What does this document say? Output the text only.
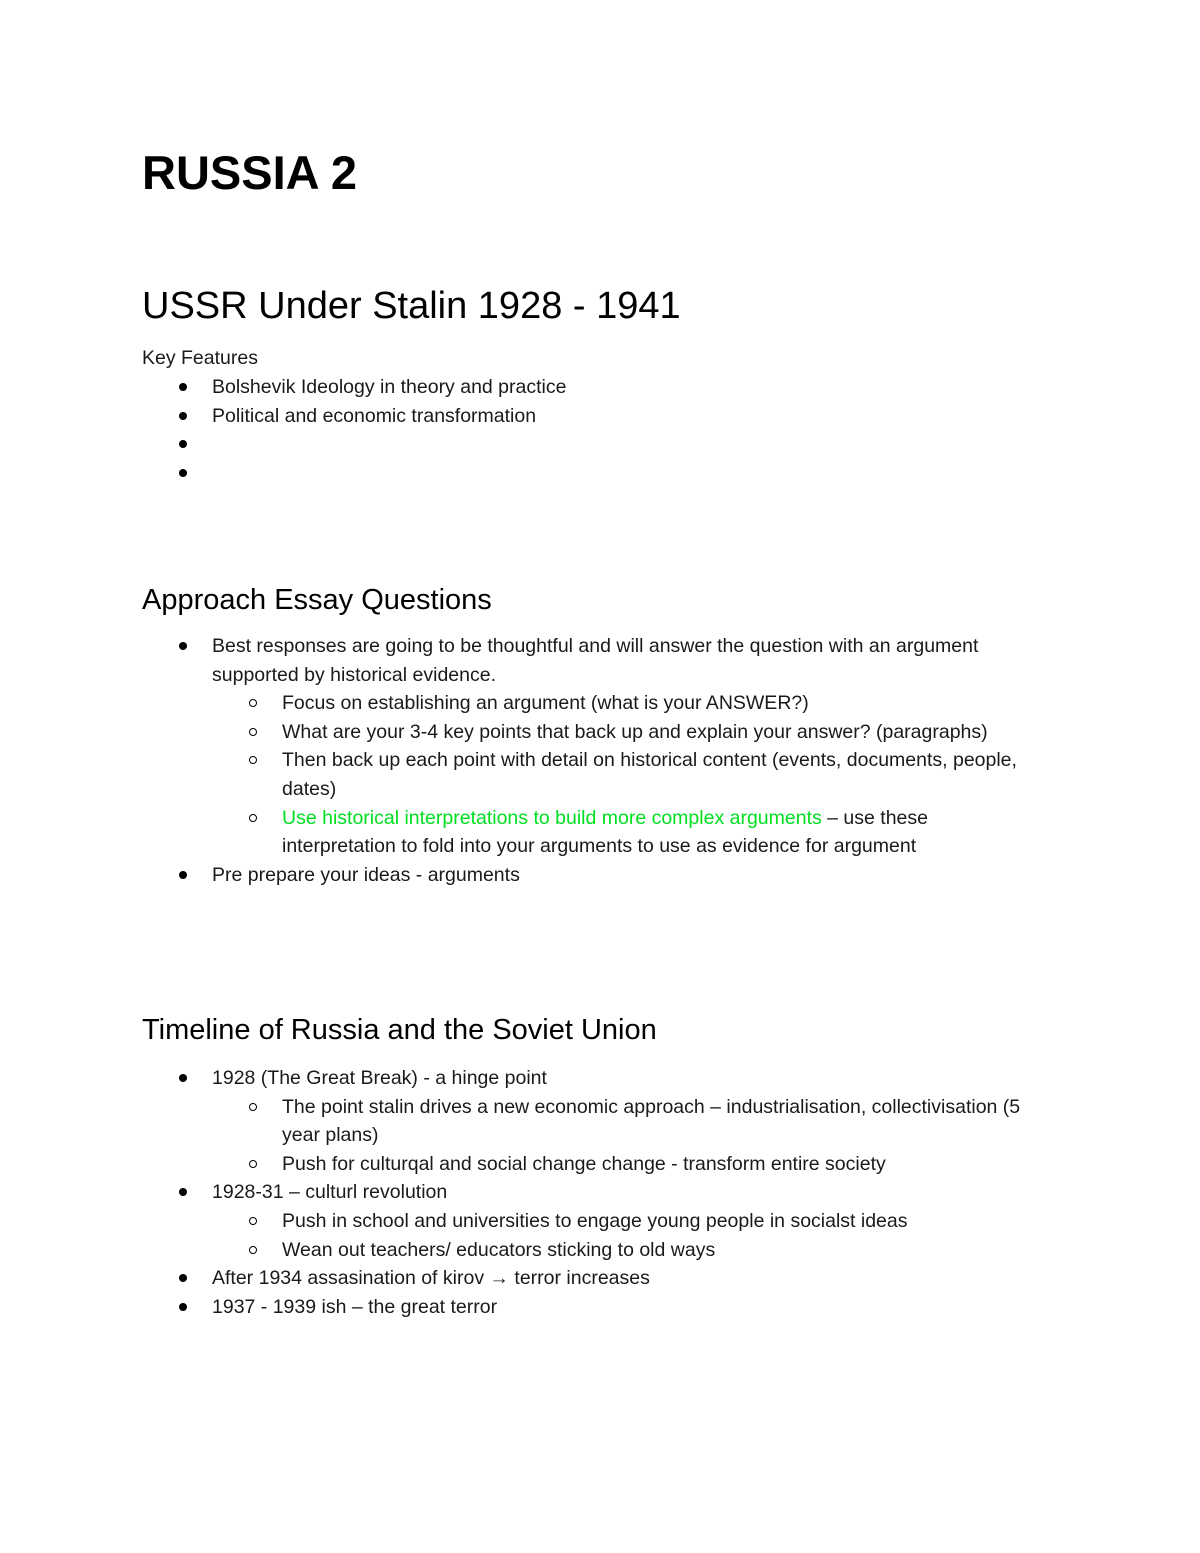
RUSSIA 2
USSR Under Stalin 1928 - 1941

Key Features

Bolshevik Ideology in theory and practice
Political and economic transformation
Approach Essay Questions
Best responses are going to be thoughtful and will answer the question with an argument supported by historical evidence.
Focus on establishing an argument (what is your ANSWER?)
What are your 3-4 key points that back up and explain your answer? (paragraphs)
Then back up each point with detail on historical content (events, documents, people, dates)
Use historical interpretations to build more complex arguments – use these interpretation to fold into your arguments to use as evidence for argument
Pre prepare your ideas - arguments
Timeline of Russia and the Soviet Union
1928 (The Great Break) - a hinge point
The point stalin drives a new economic approach – industrialisation, collectivisation (5 year plans)
Push for culturqal and social change change - transform entire society
1928-31 – culturl revolution
Push in school and universities to engage young people in socialst ideas
Wean out teachers/ educators sticking to old ways
After 1934 assasination of kirov → terror increases
1937 - 1939 ish – the great terror
